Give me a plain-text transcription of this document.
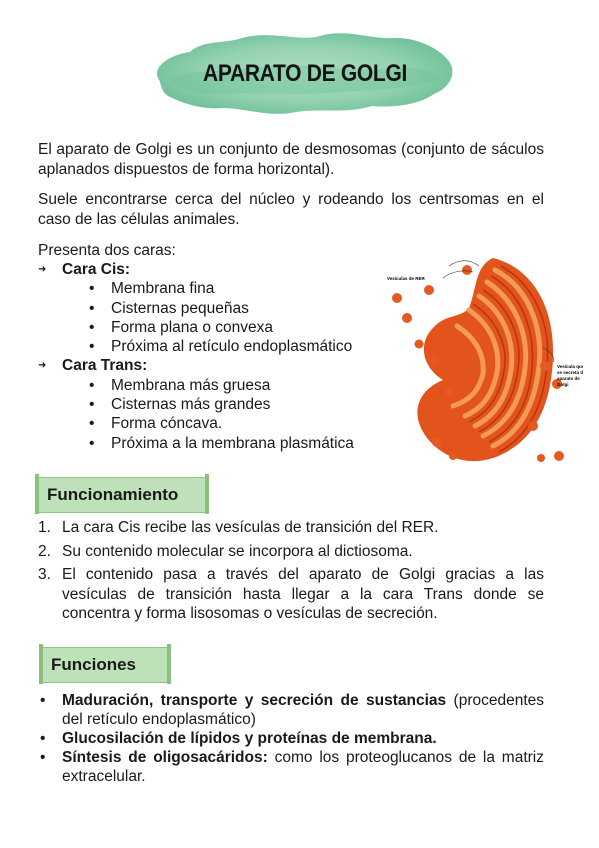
APARATO DE GOLGI

El aparato de Golgi es un conjunto de desmosomas (conjunto de sáculos aplanados dispuestos de forma horizontal).

Suele encontrarse cerca del núcleo y rodeando los centrsomas en el caso de las células animales.

Presenta dos caras:
➜ Cara Cis:
• Membrana fina
• Cisternas pequeñas
• Forma plana o convexa
• Próxima al retículo endoplasmático
➜ Cara Trans:
• Membrana más gruesa
• Cisternas más grandes
• Forma cóncava.
• Próxima a la membrana plasmática
Vesículas de RER
Vesícula que
se secreta de
aparato de
Golgi
Funcionamiento
1. La cara Cis recibe las vesículas de transición del RER.
2. Su contenido molecular se incorpora al dictiosoma.
3. El contenido pasa a través del aparato de Golgi gracias a las vesículas de transición hasta llegar a la cara Trans donde se concentra y forma lisosomas o vesículas de secreción.
Funciones
• Maduración, transporte y secreción de sustancias (procedentes del retículo endoplasmático)
• Glucosilación de lípidos y proteínas de membrana.
• Síntesis de oligosacáridos: como los proteoglucanos de la matriz extracelular.
